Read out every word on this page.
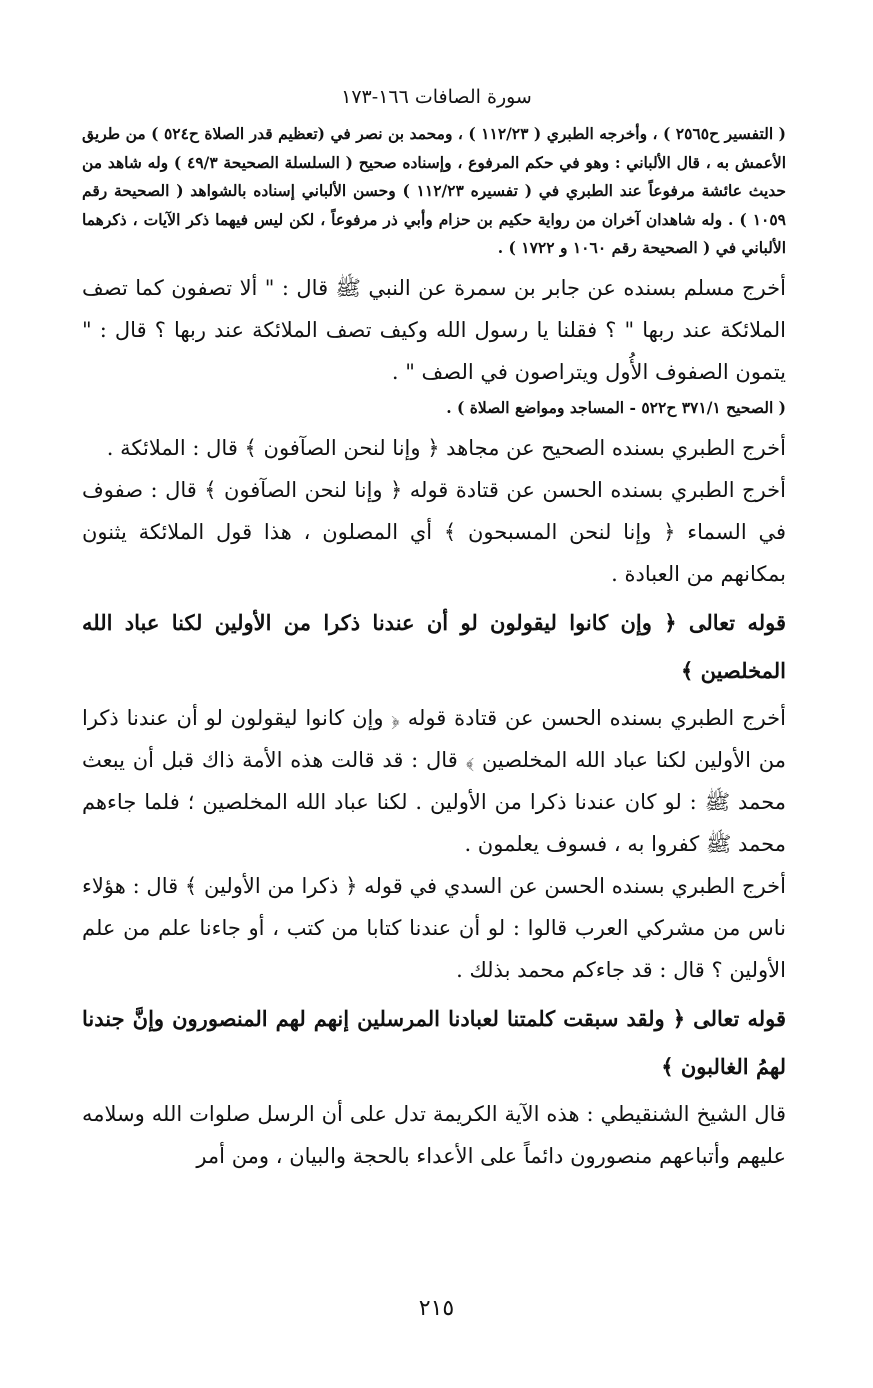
سورة الصافات ١٦٦-١٧٣

( التفسير ح٢٥٦٥ ) ، وأخرجه الطبري ( ١١٢/٢٣ ) ، ومحمد بن نصر في (تعظيم قدر الصلاة ح٥٢٤ ) من طريق الأعمش به ، قال الألباني : وهو في حكم المرفوع ، وإسناده صحيح ( السلسلة الصحيحة ٤٩/٣ ) وله شاهد من حديث عائشة مرفوعاً عند الطبري في ( تفسيره ١١٢/٢٣ ) وحسن الألباني إسناده بالشواهد ( الصحيحة رقم ١٠٥٩ ) . وله شاهدان آخران من رواية حكيم بن حزام وأبي ذر مرفوعاً ، لكن ليس فيهما ذكر الآيات ، ذكرهما الألباني في ( الصحيحة رقم ١٠٦٠ و ١٧٢٢ ) .

أخرج مسلم بسنده عن جابر بن سمرة عن النبي ﷺ قال : " ألا تصفون كما تصف الملائكة عند ربها " ؟ فقلنا يا رسول الله وكيف تصف الملائكة عند ربها ؟ قال : " يتمون الصفوف الأُول ويتراصون في الصف " .

( الصحيح ٣٧١/١ ح٥٢٢ - المساجد ومواضع الصلاة ) .

أخرج الطبري بسنده الصحيح عن مجاهد ﴿ وإنا لنحن الصآفون ﴾ قال : الملائكة .

أخرج الطبري بسنده الحسن عن قتادة قوله ﴿ وإنا لنحن الصآفون ﴾ قال : صفوف في السماء ﴿ وإنا لنحن المسبحون ﴾ أي المصلون ، هذا قول الملائكة يثنون بمكانهم من العبادة .

قوله تعالى ﴿ وإن كانوا ليقولون لو أن عندنا ذكرا من الأولين لكنا عباد الله المخلصين ﴾

أخرج الطبري بسنده الحسن عن قتادة قوله ﴿ وإن كانوا ليقولون لو أن عندنا ذكرا من الأولين لكنا عباد الله المخلصين ﴾ قال : قد قالت هذه الأمة ذاك قبل أن يبعث محمد ﷺ : لو كان عندنا ذكرا من الأولين . لكنا عباد الله المخلصين ؛ فلما جاءهم محمد ﷺ كفروا به ، فسوف يعلمون .

أخرج الطبري بسنده الحسن عن السدي في قوله ﴿ ذكرا من الأولين ﴾ قال : هؤلاء ناس من مشركي العرب قالوا : لو أن عندنا كتابا من كتب ، أو جاءنا علم من علم الأولين ؟ قال : قد جاءكم محمد بذلك .

قوله تعالى ﴿ ولقد سبقت كلمتنا لعبادنا المرسلين إنهم لهم المنصورون وإنَّ جندنا لهمُ الغالبون ﴾

قال الشيخ الشنقيطي : هذه الآية الكريمة تدل على أن الرسل صلوات الله وسلامه عليهم وأتباعهم منصورون دائماً على الأعداء بالحجة والبيان ، ومن أمر

٢١٥
